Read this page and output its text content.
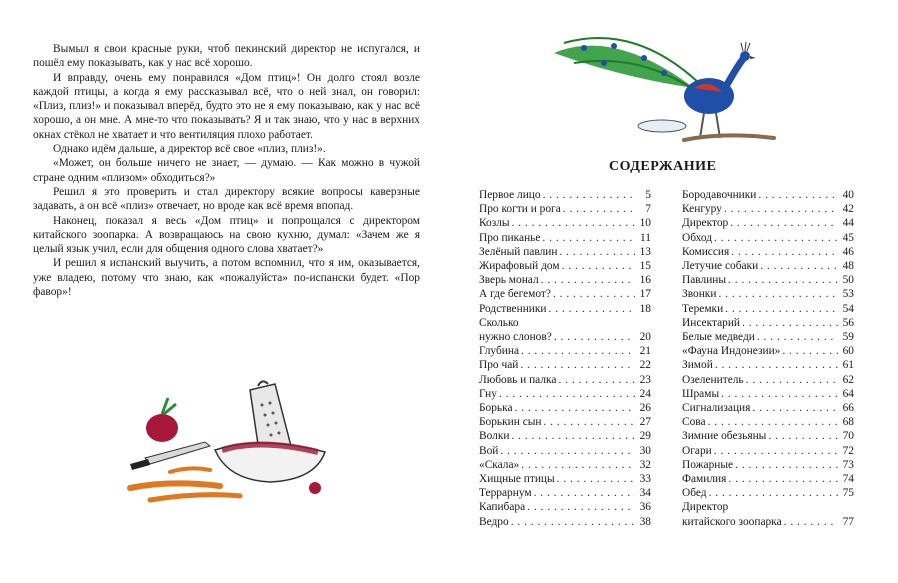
Вымыл я свои красные руки, чтоб пекинский директор не испугался, и пошёл ему показывать, как у нас всё хорошо.

И вправду, очень ему понравился «Дом птиц»! Он долго стоял возле каждой птицы, а когда я ему рассказывал всё, что о ней знал, он говорил: «Плиз, плиз!» и показывал вперёд, будто это не я ему показываю, как у нас всё хорошо, а он мне. А мне-то что показывать? Я и так знаю, что у нас в верхних окнах стёкол не хватает и что вентиляция плохо работает.

Однако идём дальше, а директор всё свое «плиз, плиз!».

«Может, он больше ничего не знает, — думаю. — Как можно в чужой стране одним «плизом» обходиться?»

Решил я это проверить и стал директору всякие вопросы каверзные задавать, а он всё «плиз» отвечает, но вроде как всё время впопад.

Наконец, показал я весь «Дом птиц» и попрощался с директором китайского зоопарка. А возвращаюсь на свою кухню, думал: «Зачем же я целый язык учил, если для общения одного слова хватает?»

И решил я испанский выучить, а потом вспомнил, что я им, оказывается, уже владею, потому что знаю, как «пожалуйста» по-испански будет. «Пор фавор»!

СОДЕРЖАНИЕ
Первое лицо . . .	5
Про когти и рога . . .	7
Козлы . . .	10
Про пиканье . . .	11
Зелёный павлин . . .	13
Жирафовый дом . . .	15
Зверь монал . . .	16
А где бегемот? . . .	17
Родственники . . .	18
Сколько
нужно слонов? . . .	20
Глубина . . .	21
Про чай . . .	22
Любовь и палка . . .	23
Гну . . .	24
Борька . . .	26
Борькин сын . . .	27
Волки . . .	29
Вой . . .	30
«Скала» . . .	32
Хищные птицы . . .	33
Террарнум . . .	34
Капибара . . .	36
Ведро . . .	38
Бородавочники . . .	40
Кенгуру . . .	42
Директор . . .	44
Обход . . .	45
Комиссия . . .	46
Летучие собаки . . .	48
Павлины . . .	50
Звонки . . .	53
Теремки . . .	54
Инсектарий . . .	56
Белые медведи . . .	59
«Фауна Индонезии» . . .	60
Зимой . . .	61
Озеленитель . . .	62
Шрамы . . .	64
Сигнализация . . .	66
Сова . . .	68
Зимние обезьяны . . .	70
Огари . . .	72
Пожарные . . .	73
Фамилия . . .	74
Обед . . .	75
Директор
китайского зоопарка . . .	77
